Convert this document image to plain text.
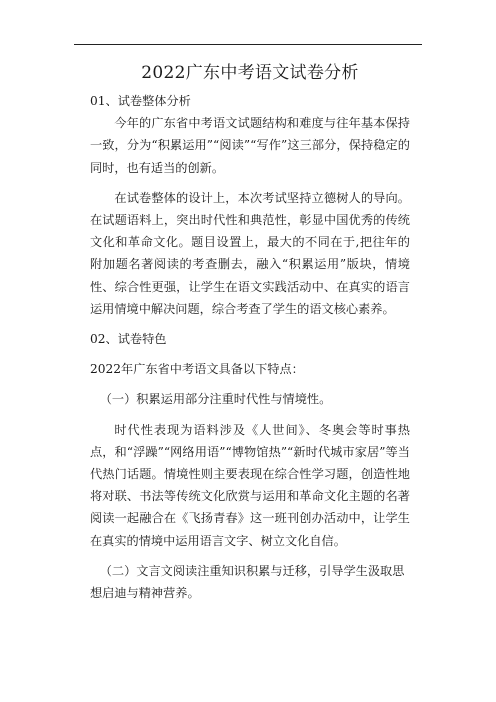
2022广东中考语文试卷分析

01、试卷整体分析

今年的广东省中考语文试题结构和难度与往年基本保持一致，分为“积累运用”“阅读”“写作”这三部分，保持稳定的同时，也有适当的创新。

在试卷整体的设计上，本次考试坚持立德树人的导向。在试题语料上，突出时代性和典范性，彰显中国优秀的传统文化和革命文化。题目设置上，最大的不同在于,把往年的附加题名著阅读的考查删去，融入“积累运用”版块，情境性、综合性更强，让学生在语文实践活动中、在真实的语言运用情境中解决问题，综合考查了学生的语文核心素养。

02、试卷特色

2022年广东省中考语文具备以下特点：

（一）积累运用部分注重时代性与情境性。

时代性表现为语料涉及《人世间》、冬奥会等时事热点，和“浮躁”“网络用语”“博物馆热”“新时代城市家居”等当代热门话题。情境性则主要表现在综合性学习题，创造性地将对联、书法等传统文化欣赏与运用和革命文化主题的名著阅读一起融合在《飞扬青春》这一班刊创办活动中，让学生在真实的情境中运用语言文字、树立文化自信。

（二）文言文阅读注重知识积累与迁移，引导学生汲取思想启迪与精神营养。
